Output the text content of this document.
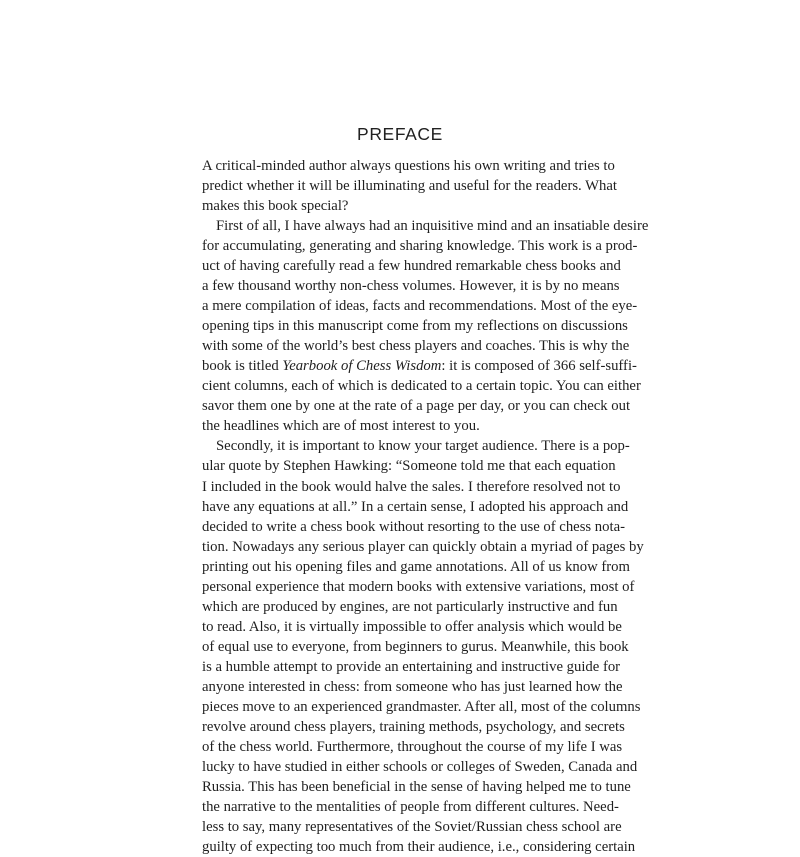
PREFACE
A critical-minded author always questions his own writing and tries to
predict whether it will be illuminating and useful for the readers. What
makes this book special?
First of all, I have always had an inquisitive mind and an insatiable desire
for accumulating, generating and sharing knowledge. This work is a prod-
uct of having carefully read a few hundred remarkable chess books and
a few thousand worthy non-chess volumes. However, it is by no means
a mere compilation of ideas, facts and recommendations. Most of the eye-
opening tips in this manuscript come from my reflections on discussions
with some of the world’s best chess players and coaches. This is why the
book is titled Yearbook of Chess Wisdom: it is composed of 366 self-suffi-
cient columns, each of which is dedicated to a certain topic. You can either
savor them one by one at the rate of a page per day, or you can check out
the headlines which are of most interest to you.
Secondly, it is important to know your target audience. There is a pop-
ular quote by Stephen Hawking: “Someone told me that each equation
I included in the book would halve the sales. I therefore resolved not to
have any equations at all.” In a certain sense, I adopted his approach and
decided to write a chess book without resorting to the use of chess nota-
tion. Nowadays any serious player can quickly obtain a myriad of pages by
printing out his opening files and game annotations. All of us know from
personal experience that modern books with extensive variations, most of
which are produced by engines, are not particularly instructive and fun
to read. Also, it is virtually impossible to offer analysis which would be
of equal use to everyone, from beginners to gurus. Meanwhile, this book
is a humble attempt to provide an entertaining and instructive guide for
anyone interested in chess: from someone who has just learned how the
pieces move to an experienced grandmaster. After all, most of the columns
revolve around chess players, training methods, psychology, and secrets
of the chess world. Furthermore, throughout the course of my life I was
lucky to have studied in either schools or colleges of Sweden, Canada and
Russia. This has been beneficial in the sense of having helped me to tune
the narrative to the mentalities of people from different cultures. Need-
less to say, many representatives of the Soviet/Russian chess school are
guilty of expecting too much from their audience, i.e., considering certain
